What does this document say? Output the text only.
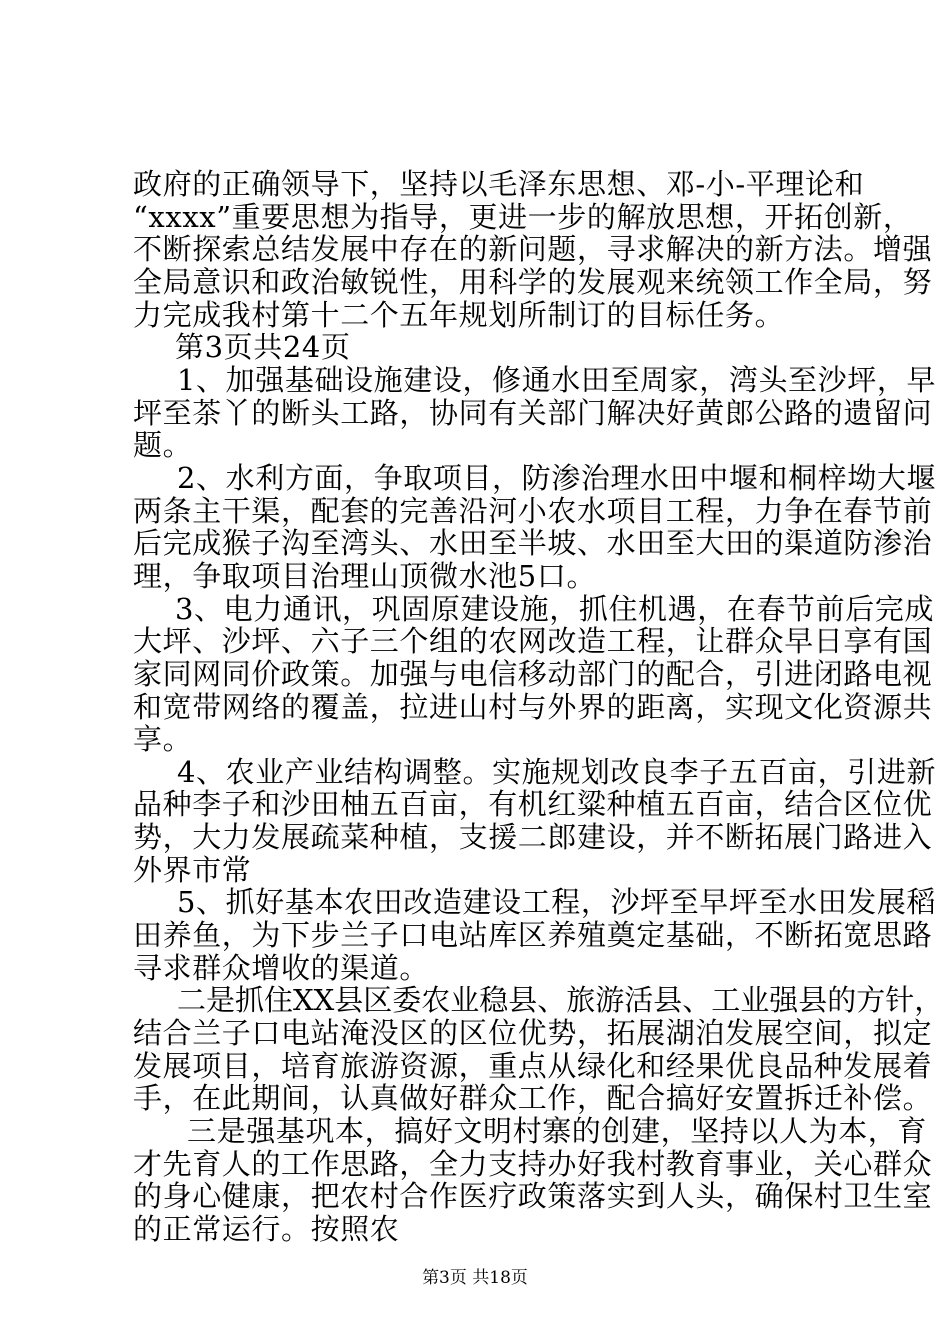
政府的正确领导下，坚持以毛泽东思想、邓-小-平理论和
“xxxx”重要思想为指导，更进一步的解放思想，开拓创新，
不断探索总结发展中存在的新问题，寻求解决的新方法。增强
全局意识和政治敏锐性，用科学的发展观来统领工作全局，努
力完成我村第十二个五年规划所制订的目标任务。
第3页共24页
1、加强基础设施建设，修通水田至周家，湾头至沙坪，早
坪至茶丫的断头工路，协同有关部门解决好黄郎公路的遗留问
题。
2、水利方面，争取项目，防渗治理水田中堰和桐梓坳大堰
两条主干渠，配套的完善沿河小农水项目工程，力争在春节前
后完成猴子沟至湾头、水田至半坡、水田至大田的渠道防渗治
理，争取项目治理山顶微水池5口。
3、电力通讯，巩固原建设施，抓住机遇，在春节前后完成
大坪、沙坪、六子三个组的农网改造工程，让群众早日享有国
家同网同价政策。加强与电信移动部门的配合，引进闭路电视
和宽带网络的覆盖，拉进山村与外界的距离，实现文化资源共
享。
4、农业产业结构调整。实施规划改良李子五百亩，引进新
品种李子和沙田柚五百亩，有机红粱种植五百亩，结合区位优
势，大力发展疏菜种植，支援二郎建设，并不断拓展门路进入
外界市常
5、抓好基本农田改造建设工程，沙坪至早坪至水田发展稻
田养鱼，为下步兰子口电站库区养殖奠定基础，不断拓宽思路
寻求群众增收的渠道。
二是抓住XX县区委农业稳县、旅游活县、工业强县的方针，
结合兰子口电站淹没区的区位优势，拓展湖泊发展空间，拟定
发展项目，培育旅游资源，重点从绿化和经果优良品种发展着
手，在此期间，认真做好群众工作，配合搞好安置拆迁补偿。
三是强基巩本，搞好文明村寨的创建，坚持以人为本，育
才先育人的工作思路，全力支持办好我村教育事业，关心群众
的身心健康，把农村合作医疗政策落实到人头，确保村卫生室
的正常运行。按照农
第3页 共18页
